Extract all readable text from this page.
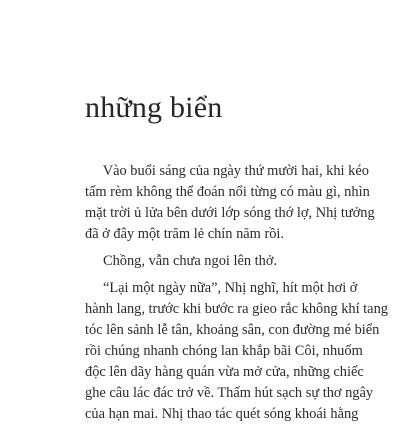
những biển

Vào buổi sáng của ngày thứ mười hai, khi kéo
tấm rèm không thể đoán nổi từng có màu gì, nhìn
mặt trời ủ lửa bên dưới lớp sóng thớ lợ, Nhị tưởng
đã ở đây một trăm lẻ chín năm rồi.

Chồng, vẫn chưa ngoi lên thở.

“Lại một ngày nữa”, Nhị nghĩ, hít một hơi ở
hành lang, trước khi bước ra gieo rắc không khí tang
tóc lên sảnh lễ tân, khoảng sân, con đường mé biển
rồi chúng nhanh chóng lan khắp bãi Côi, nhuốm
độc lên dãy hàng quán vừa mở cửa, những chiếc
ghe câu lác đác trở về. Thấm hút sạch sự thơ ngây
của hạn mai. Nhị thao tác quét sóng khoái hằng
